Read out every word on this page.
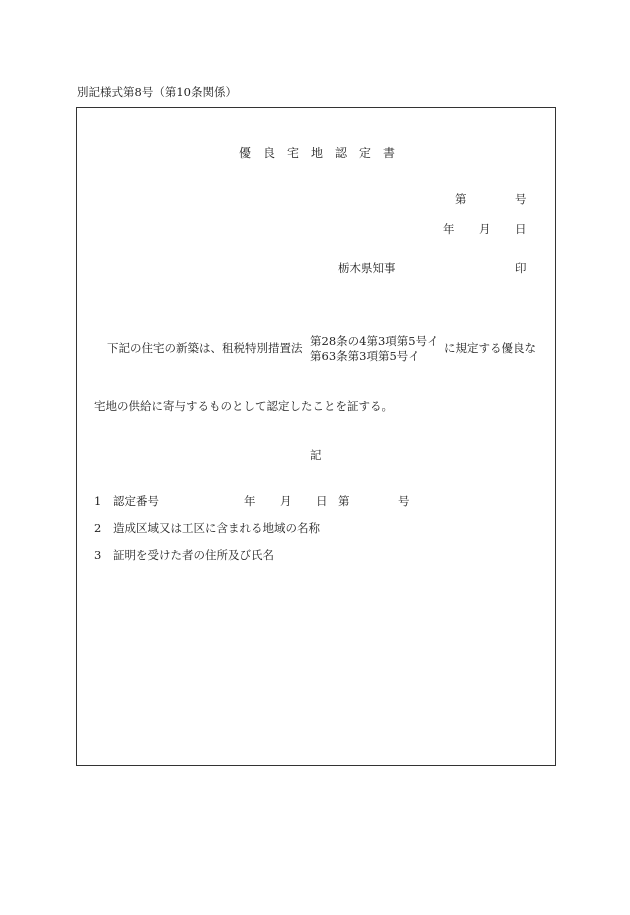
別記様式第8号（第10条関係）
優　良　宅　地　認　定　書
第	号
年 月 日
栃木県知事	印
下記の住宅の新築は、租税特別措置法 第28条の4第3項第5号イ
第63条第3項第5号イ
に規定する優良な
宅地の供給に寄与するものとして認定したことを証する。
記
1 認定番号	年 月 日 第	号
2 造成区域又は工区に含まれる地域の名称
3 証明を受けた者の住所及び氏名
